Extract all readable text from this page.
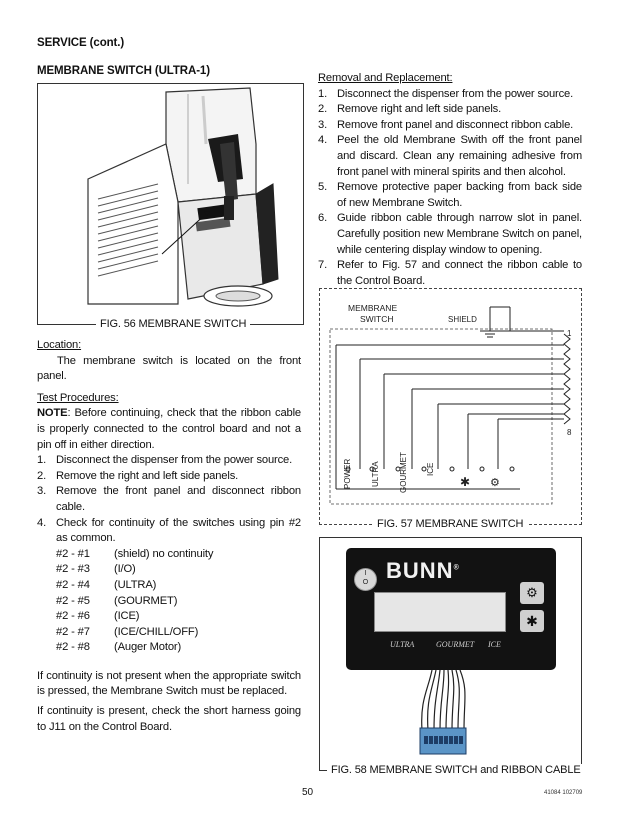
SERVICE (cont.)
MEMBRANE SWITCH (ULTRA-1)
FIG. 56 MEMBRANE SWITCH
Location:
The membrane switch is located on the front panel.
Test Procedures:
NOTE: Before continuing, check that the ribbon cable is properly connected to the control board and not a pin off in either direction.
1. Disconnect the dispenser from the power source.
2. Remove the right and left side panels.
3. Remove the front panel and disconnect ribbon cable.
4. Check for continuity of the switches using pin #2 as common.
#2 - #1	(shield) no continuity
#2 - #3	(I/O)
#2 - #4	(ULTRA)
#2 - #5	(GOURMET)
#2 - #6	(ICE)
#2 - #7	(ICE/CHILL/OFF)
#2 - #8	(Auger Motor)
If continuity is not present when the appropriate switch is pressed, the Membrane Switch must be replaced.
If continuity is present, check the short harness going to J11 on the Control Board.
Removal and Replacement:
1. Disconnect the dispenser from the power source.
2. Remove right and left side panels.
3. Remove front panel and disconnect ribbon cable.
4. Peel the old Membrane Swith off the front panel and discard. Clean any remaining adhesive from front panel with mineral spirits and then alcohol.
5. Remove protective paper backing from back side of new Membrane Switch.
6. Guide ribbon cable through narrow slot in panel. Carefully position new Membrane Switch on panel, while centering display window to opening.
7. Refer to Fig. 57 and connect the ribbon cable to the Control Board.
MEMBRANE
SWITCH	SHIELD
1
8
POWER ULTRA GOURMET ICE
✱ ⚙
FIG. 57 MEMBRANE SWITCH
I
O BUNN®
⚙
✱
ULTRA	GOURMET ICE
FIG. 58 MEMBRANE SWITCH and RIBBON CABLE
50	41084 102709
